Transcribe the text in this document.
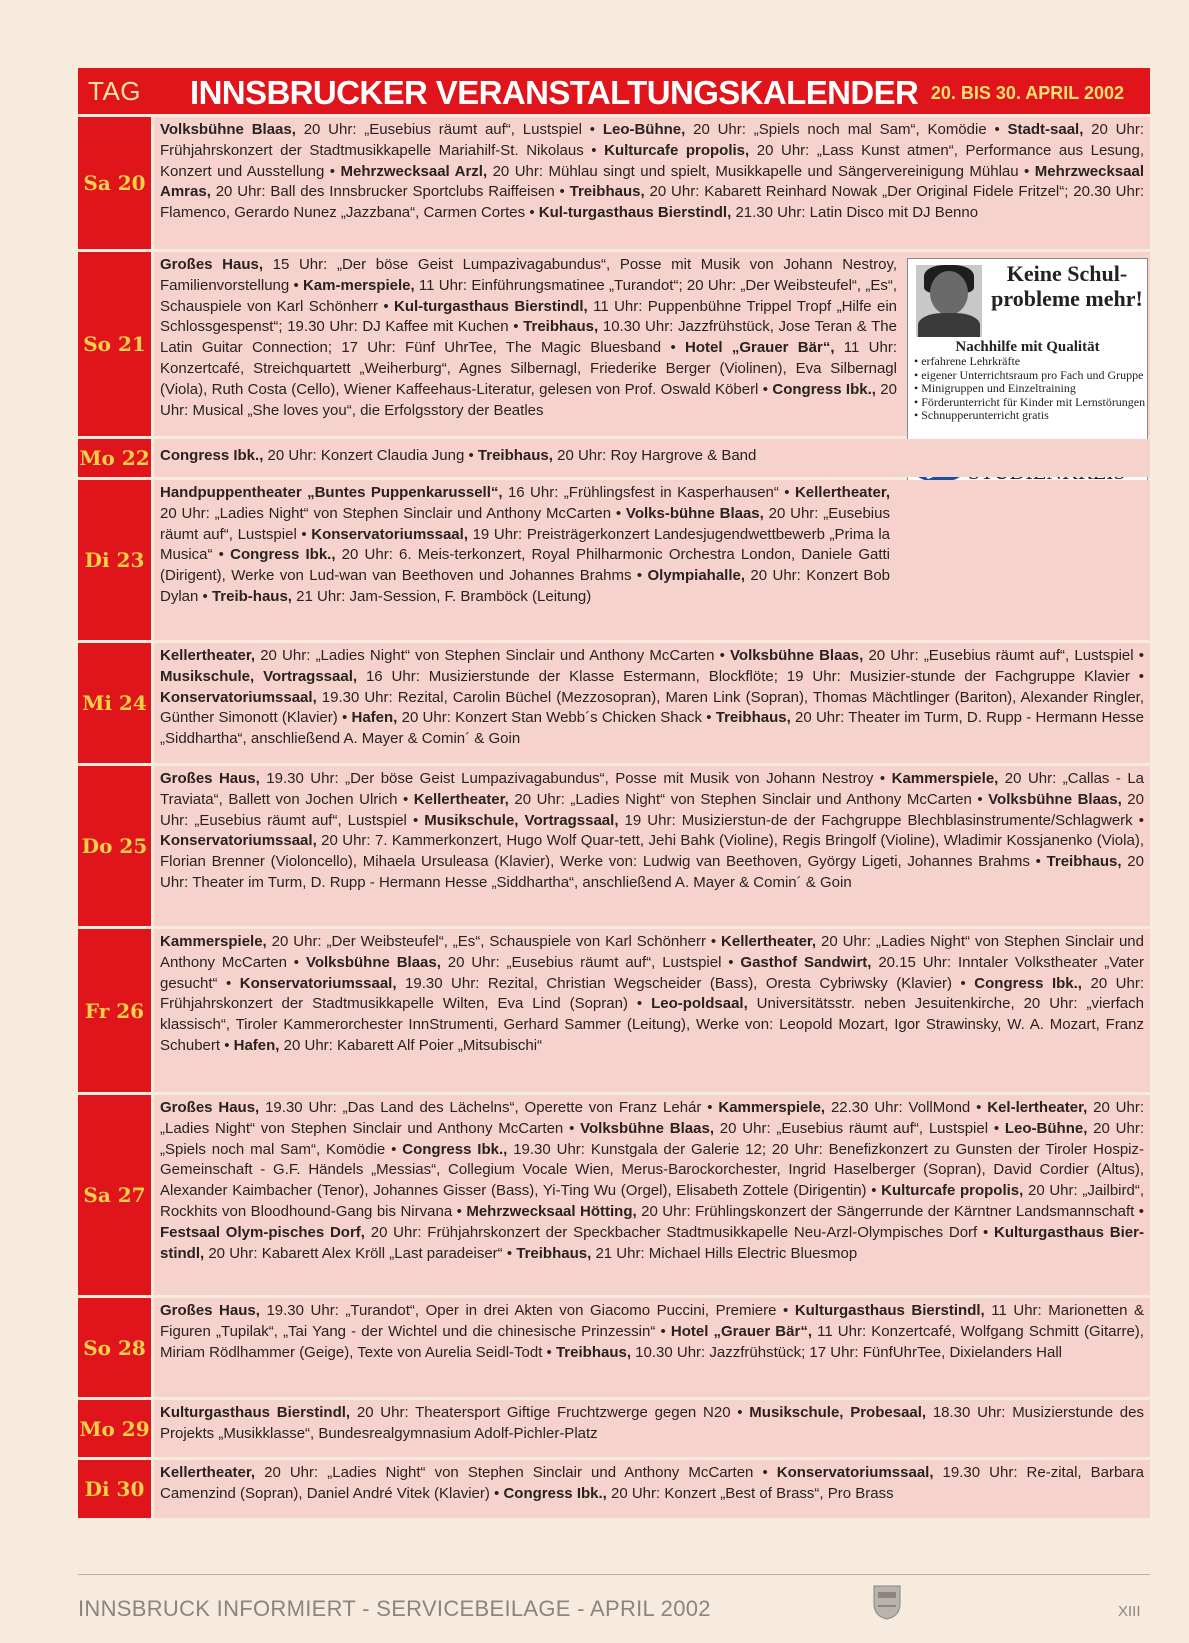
TAG INNSBRUCKER VERANSTALTUNGSKALENDER 20. BIS 30. APRIL 2002
Sa 20
Volksbühne Blaas, 20 Uhr: „Eusebius räumt auf“, Lustspiel • Leo-Bühne, 20 Uhr: „Spiels noch mal Sam“, Komödie • Stadt-saal, 20 Uhr: Frühjahrskonzert der Stadtmusikkapelle Mariahilf-St. Nikolaus • Kulturcafe propolis, 20 Uhr: „Lass Kunst atmen“, Performance aus Lesung, Konzert und Ausstellung • Mehrzwecksaal Arzl, 20 Uhr: Mühlau singt und spielt, Musikkapelle und Sängervereinigung Mühlau • Mehrzwecksaal Amras, 20 Uhr: Ball des Innsbrucker Sportclubs Raiffeisen • Treibhaus, 20 Uhr: Kabarett Reinhard Nowak „Der Original Fidele Fritzel“; 20.30 Uhr: Flamenco, Gerardo Nunez „Jazzbana“, Carmen Cortes • Kul-turgasthaus Bierstindl, 21.30 Uhr: Latin Disco mit DJ Benno
So 21
Keine Schul-probleme mehr!
Nachhilfe mit Qualität
• erfahrene Lehrkräfte
• eigener Unterrichtsraum pro Fach und Gruppe
• Minigruppen und Einzeltraining
• Förderunterricht für Kinder mit Lernstörungen
• Schnupperunterricht gratis
Großes Haus, 15 Uhr: „Der böse Geist Lumpazivagabundus“, Posse mit Musik von Johann Nestroy, Familienvorstellung • Kam-merspiele, 11 Uhr: Einführungsmatinee „Turandot“; 20 Uhr: „Der Weibsteufel“, „Es“, Schauspiele von Karl Schönherr • Kul-turgasthaus Bierstindl, 11 Uhr: Puppenbühne Trippel Tropf „Hilfe ein Schlossgespenst“; 19.30 Uhr: DJ Kaffee mit Kuchen • Treibhaus, 10.30 Uhr: Jazzfrühstück, Jose Teran & The Latin Guitar Connection; 17 Uhr: Fünf UhrTee, The Magic Bluesband • Hotel „Grauer Bär“, 11 Uhr: Konzertcafé, Streichquartett „Weiherburg“, Agnes Silbernagl, Friederike Berger (Violinen), Eva Silbernagl (Viola), Ruth Costa (Cello), Wiener Kaffeehaus-Literatur, gelesen von Prof. Oswald Köberl • Congress Ibk., 20 Uhr: Musical „She loves you“, die Erfolgsstory der Beatles
Mo 22 Congress Ibk., 20 Uhr: Konzert Claudia Jung • Treibhaus, 20 Uhr: Roy Hargrove & Band
Di 23
Handpuppentheater „Buntes Puppenkarussell“, 16 Uhr: „Frühlingsfest in Kasperhausen“ • Kellertheater, 20 Uhr: „Ladies Night“ von Stephen Sinclair und Anthony McCarten • Volks-bühne Blaas, 20 Uhr: „Eusebius räumt auf“, Lustspiel • Konservatoriumssaal, 19 Uhr: Preisträgerkonzert Landesjugendwettbewerb „Prima la Musica“ • Congress Ibk., 20 Uhr: 6. Meis-terkonzert, Royal Philharmonic Orchestra London, Daniele Gatti (Dirigent), Werke von Lud-wan van Beethoven und Johannes Brahms • Olympiahalle, 20 Uhr: Konzert Bob Dylan • Treib-haus, 21 Uhr: Jam-Session, F. Bramböck (Leitung)
Mi 24
Kellertheater, 20 Uhr: „Ladies Night“ von Stephen Sinclair und Anthony McCarten • Volksbühne Blaas, 20 Uhr: „Eusebius räumt auf“, Lustspiel • Musikschule, Vortragssaal, 16 Uhr: Musizierstunde der Klasse Estermann, Blockflöte; 19 Uhr: Musizier-stunde der Fachgruppe Klavier • Konservatoriumssaal, 19.30 Uhr: Rezital, Carolin Büchel (Mezzosopran), Maren Link (Sopran), Thomas Mächtlinger (Bariton), Alexander Ringler, Günther Simonott (Klavier) • Hafen, 20 Uhr: Konzert Stan Webb´s Chicken Shack • Treibhaus, 20 Uhr: Theater im Turm, D. Rupp - Hermann Hesse „Siddhartha“, anschließend A. Mayer & Comin´ & Goin
Do 25
Großes Haus, 19.30 Uhr: „Der böse Geist Lumpazivagabundus“, Posse mit Musik von Johann Nestroy • Kammerspiele, 20 Uhr: „Callas - La Traviata“, Ballett von Jochen Ulrich • Kellertheater, 20 Uhr: „Ladies Night“ von Stephen Sinclair und Anthony McCarten • Volksbühne Blaas, 20 Uhr: „Eusebius räumt auf“, Lustspiel • Musikschule, Vortragssaal, 19 Uhr: Musizierstun-de der Fachgruppe Blechblasinstrumente/Schlagwerk • Konservatoriumssaal, 20 Uhr: 7. Kammerkonzert, Hugo Wolf Quar-tett, Jehi Bahk (Violine), Regis Bringolf (Violine), Wladimir Kossjanenko (Viola), Florian Brenner (Violoncello), Mihaela Ursuleasa (Klavier), Werke von: Ludwig van Beethoven, György Ligeti, Johannes Brahms • Treibhaus, 20 Uhr: Theater im Turm, D. Rupp - Hermann Hesse „Siddhartha“, anschließend A. Mayer & Comin´ & Goin
Fr 26
Kammerspiele, 20 Uhr: „Der Weibsteufel“, „Es“, Schauspiele von Karl Schönherr • Kellertheater, 20 Uhr: „Ladies Night“ von Stephen Sinclair und Anthony McCarten • Volksbühne Blaas, 20 Uhr: „Eusebius räumt auf“, Lustspiel • Gasthof Sandwirt, 20.15 Uhr: Inntaler Volkstheater „Vater gesucht“ • Konservatoriumssaal, 19.30 Uhr: Rezital, Christian Wegscheider (Bass), Oresta Cybriwsky (Klavier) • Congress Ibk., 20 Uhr: Frühjahrskonzert der Stadtmusikkapelle Wilten, Eva Lind (Sopran) • Leo-poldsaal, Universitätsstr. neben Jesuitenkirche, 20 Uhr: „vierfach klassisch“, Tiroler Kammerorchester InnStrumenti, Gerhard Sammer (Leitung), Werke von: Leopold Mozart, Igor Strawinsky, W. A. Mozart, Franz Schubert • Hafen, 20 Uhr: Kabarett Alf Poier „Mitsubischi“
Sa 27
Großes Haus, 19.30 Uhr: „Das Land des Lächelns“, Operette von Franz Lehár • Kammerspiele, 22.30 Uhr: VollMond • Kel-lertheater, 20 Uhr: „Ladies Night“ von Stephen Sinclair und Anthony McCarten • Volksbühne Blaas, 20 Uhr: „Eusebius räumt auf“, Lustspiel • Leo-Bühne, 20 Uhr: „Spiels noch mal Sam“, Komödie • Congress Ibk., 19.30 Uhr: Kunstgala der Galerie 12; 20 Uhr: Benefizkonzert zu Gunsten der Tiroler Hospiz-Gemeinschaft - G.F. Händels „Messias“, Collegium Vocale Wien, Merus-Barockorchester, Ingrid Haselberger (Sopran), David Cordier (Altus), Alexander Kaimbacher (Tenor), Johannes Gisser (Bass), Yi-Ting Wu (Orgel), Elisabeth Zottele (Dirigentin) • Kulturcafe propolis, 20 Uhr: „Jailbird“, Rockhits von Bloodhound-Gang bis Nirvana • Mehrzwecksaal Hötting, 20 Uhr: Frühlingskonzert der Sängerrunde der Kärntner Landsmannschaft • Festsaal Olym-pisches Dorf, 20 Uhr: Frühjahrskonzert der Speckbacher Stadtmusikkapelle Neu-Arzl-Olympisches Dorf • Kulturgasthaus Bier-stindl, 20 Uhr: Kabarett Alex Kröll „Last paradeiser“ • Treibhaus, 21 Uhr: Michael Hills Electric Bluesmop
So 28
Großes Haus, 19.30 Uhr: „Turandot“, Oper in drei Akten von Giacomo Puccini, Premiere • Kulturgasthaus Bierstindl, 11 Uhr: Marionetten & Figuren „Tupilak“, „Tai Yang - der Wichtel und die chinesische Prinzessin“ • Hotel „Grauer Bär“, 11 Uhr: Konzertcafé, Wolfgang Schmitt (Gitarre), Miriam Rödlhammer (Geige), Texte von Aurelia Seidl-Todt • Treibhaus, 10.30 Uhr: Jazzfrühstück; 17 Uhr: FünfUhrTee, Dixielanders Hall
Mo 29
Kulturgasthaus Bierstindl, 20 Uhr: Theatersport Giftige Fruchtzwerge gegen N20 • Musikschule, Probesaal, 18.30 Uhr: Musizierstunde des Projekts „Musikklasse“, Bundesrealgymnasium Adolf-Pichler-Platz
Di 30
Kellertheater, 20 Uhr: „Ladies Night“ von Stephen Sinclair und Anthony McCarten • Konservatoriumssaal, 19.30 Uhr: Re-zital, Barbara Camenzind (Sopran), Daniel André Vitek (Klavier) • Congress Ibk., 20 Uhr: Konzert „Best of Brass“, Pro Brass
INNSBRUCK INFORMIERT - SERVICEBEILAGE - APRIL 2002	XIII
